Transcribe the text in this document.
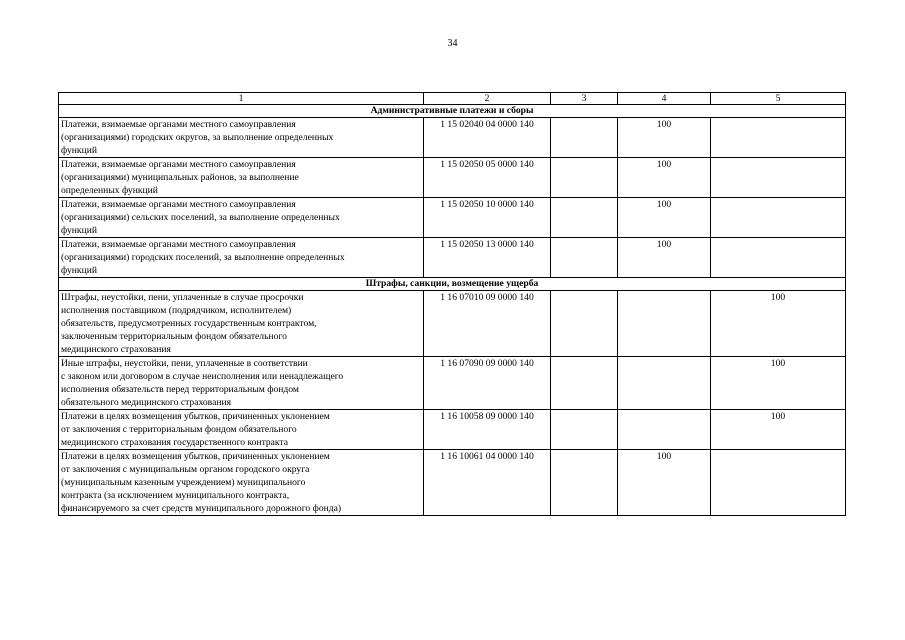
34
1	2	3	4	5
Административные платежи и сборы				
Платежи, взимаемые органами местного самоуправления
(организациями) городских округов, за выполнение определенных
функций	1 15 02040 04 0000 140		100	
Платежи, взимаемые органами местного самоуправления
(организациями) муниципальных районов, за выполнение
определенных функций	1 15 02050 05 0000 140		100	
Платежи, взимаемые органами местного самоуправления
(организациями) сельских поселений, за выполнение определенных
функций	1 15 02050 10 0000 140		100	
Платежи, взимаемые органами местного самоуправления
(организациями) городских поселений, за выполнение определенных
функций	1 15 02050 13 0000 140		100	
Штрафы, санкции, возмещение ущерба				
Штрафы, неустойки, пени, уплаченные в случае просрочки
исполнения поставщиком (подрядчиком, исполнителем)
обязательств, предусмотренных государственным контрактом,
заключенным территориальным фондом обязательного
медицинского страхования	1 16 07010 09 0000 140			100
Иные штрафы, неустойки, пени, уплаченные в соответствии
с законом или договором в случае неисполнения или ненадлежащего
исполнения обязательств перед территориальным фондом
обязательного медицинского страхования	1 16 07090 09 0000 140			100
Платежи в целях возмещения убытков, причиненных уклонением
от заключения с территориальным фондом обязательного
медицинского страхования государственного контракта	1 16 10058 09 0000 140			100
Платежи в целях возмещения убытков, причиненных уклонением
от заключения с муниципальным органом городского округа
(муниципальным казенным учреждением) муниципального
контракта (за исключением муниципального контракта,
финансируемого за счет средств муниципального дорожного фонда)	1 16 10061 04 0000 140		100	
